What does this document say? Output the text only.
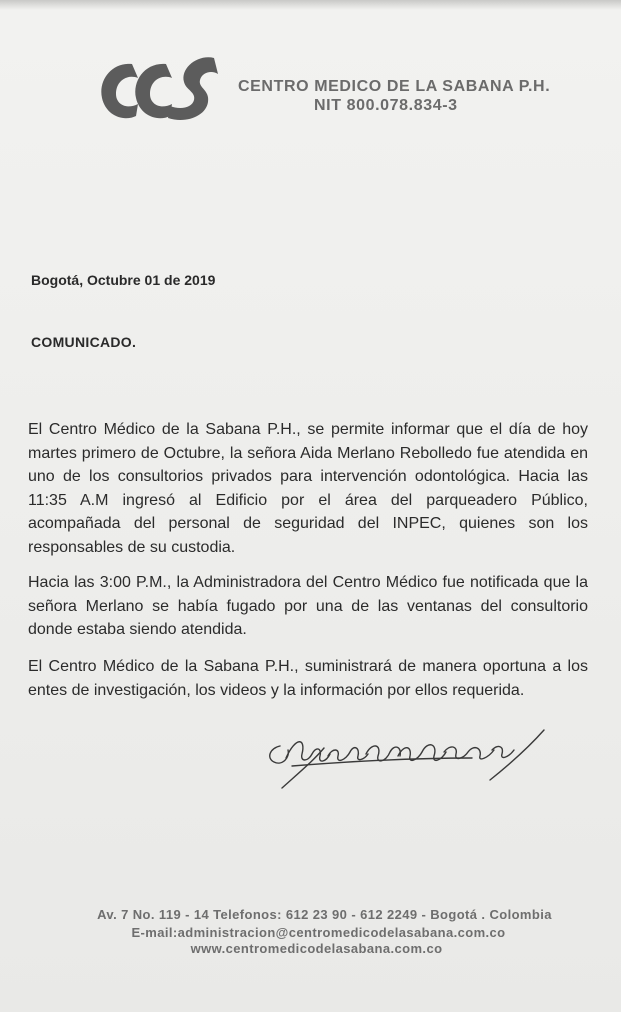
CENTRO MEDICO DE LA SABANA P.H.
NIT 800.078.834-3
Bogotá, Octubre 01 de 2019
COMUNICADO.

El Centro Médico de la Sabana P.H., se permite informar que el día de hoy martes primero de Octubre, la señora Aida Merlano Rebolledo fue atendida en uno de los consultorios privados para intervención odontológica. Hacia las 11:35 A.M ingresó al Edificio por el área del parqueadero Público, acompañada del personal de seguridad del INPEC, quienes son los responsables de su custodia.

Hacia las 3:00 P.M., la Administradora del Centro Médico fue notificada que la señora Merlano se había fugado por una de las ventanas del consultorio donde estaba siendo atendida.

El Centro Médico de la Sabana P.H., suministrará de manera oportuna a los entes de investigación, los videos y la información por ellos requerida.

Av. 7 No. 119 - 14 Telefonos: 612 23 90 - 612 2249 - Bogotá . Colombia
E-mail:administracion@centromedicodelasabana.com.co
www.centromedicodelasabana.com.co
